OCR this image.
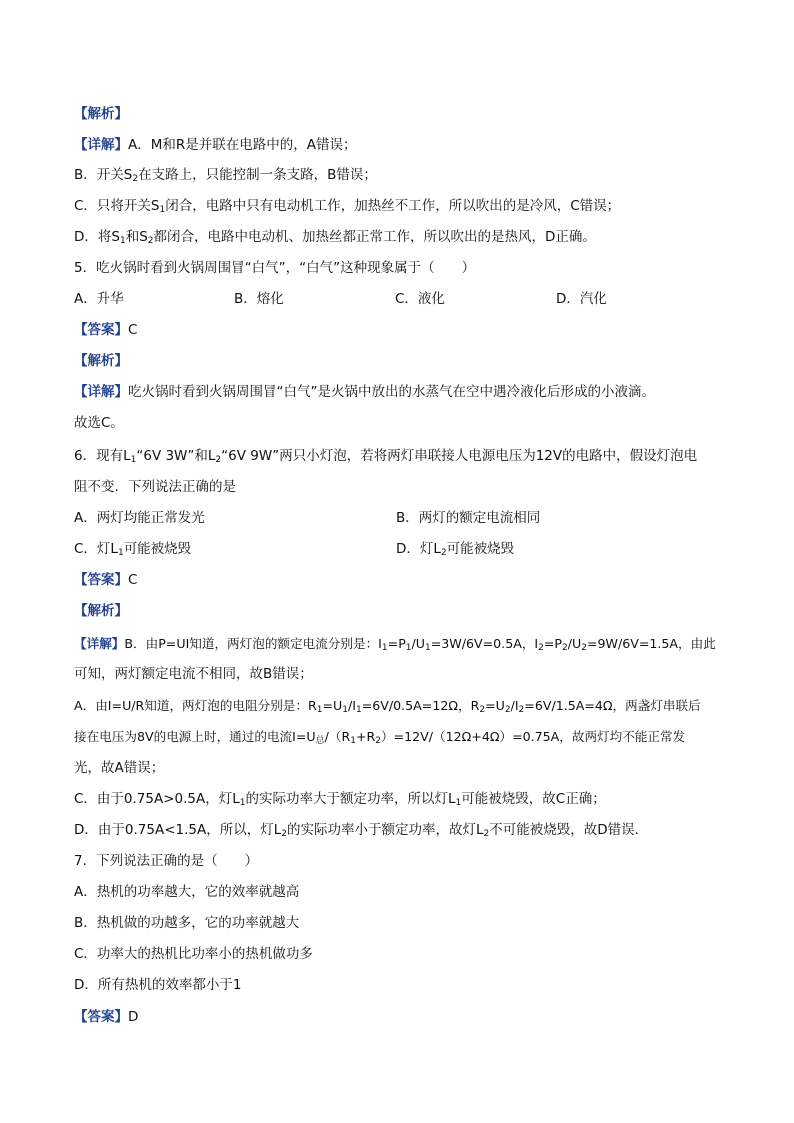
【解析】
【详解】A．M和R是并联在电路中的，A错误；
B．开关$S_2$在支路上，只能控制一条支路，B错误；
C．只将开关$S_1$闭合，电路中只有电动机工作，加热丝不工作，所以吹出的是冷风，C错误；
D．将$S_1$和$S_2$都闭合，电路中电动机、加热丝都正常工作，所以吹出的是热风，D正确。
5．吃火锅时看到火锅周围冒“白气”，“白气”这种现象属于（　　）
A．升华	B．熔化	C．液化	D．汽化
【答案】C
【解析】
【详解】吃火锅时看到火锅周围冒“白气”是火锅中放出的水蒸气在空中遇冷液化后形成的小液滴。
故选C。
6．现有$L_1“6V$ 3W”和$L_2“6V$ 9W”两只小灯泡，若将两灯串联接人电源电压为12V的电路中，假设灯泡电
阻不变．下列说法正确的是
A．两灯均能正常发光	B．两灯的额定电流相同
C．灯$L_1$可能被烧毁	D．灯$L_2$可能被烧毁
【答案】C
【解析】
【详解】B．由P=UI知道，两灯泡的额定电流分别是：$I_1=P_1/U_1=3W/6V=0.5A$，$I_2=P_2/U_2=9W/6V=1.5A$，由此
可知，两灯额定电流不相同，故B错误；
A．由I=U/R知道，两灯泡的电阻分别是：$R_1=U_1/I_1=6V/0.5A=12\Omega$，$R_2=U_2/I_2=6V/1.5A=4\Omega$，两盏灯串联后
接在电压为8V的电源上时，通过的电流$I=U_总/(R_1+R_2)=12V/(12\Omega+4\Omega)=0.75A$，故两灯均不能正常发
光，故A错误；
C．由于0.75A>0.5A，灯$L_1$的实际功率大于额定功率，所以灯$L_1$可能被烧毁，故C正确；
D．由于0.75A<1.5A，所以，灯$L_2$的实际功率小于额定功率，故灯$L_2$不可能被烧毁，故D错误．
7．下列说法正确的是（　　）
A．热机的功率越大，它的效率就越高
B．热机做的功越多，它的功率就越大
C．功率大的热机比功率小的热机做功多
D．所有热机的效率都小于1
【答案】D
